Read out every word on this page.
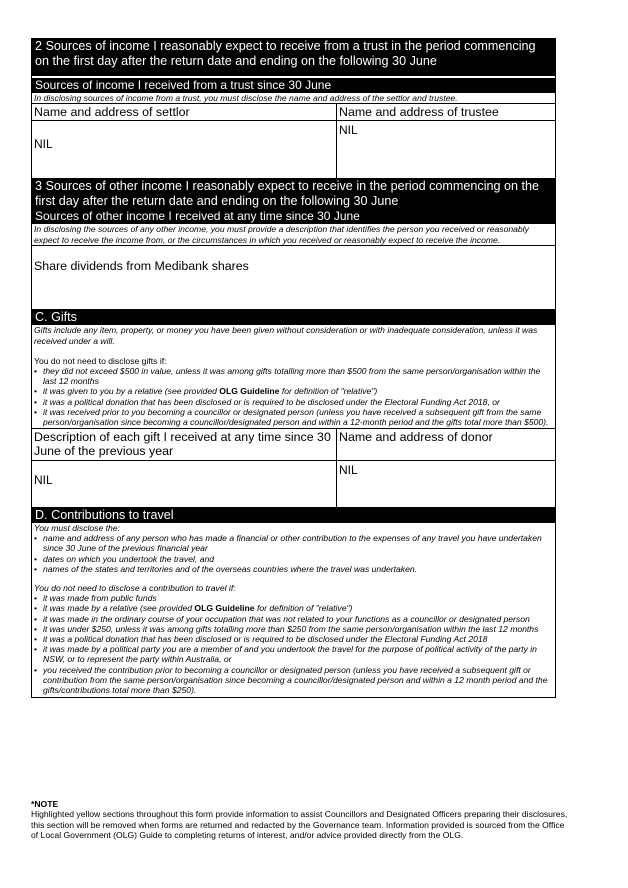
2 Sources of income I reasonably expect to receive from a trust in the period commencing on the first day after the return date and ending on the following 30 June
Sources of income I received from a trust since 30 June
In disclosing sources of income from a trust, you must disclose the name and address of the settlor and trustee.
Name and address of settlor	Name and address of trustee
NIL
NIL
3 Sources of other income I reasonably expect to receive in the period commencing on the first day after the return date and ending on the following 30 June
Sources of other income I received at any time since 30 June
In disclosing the sources of any other income, you must provide a description that identifies the person you received or reasonably expect to receive the income from, or the circumstances in which you received or reasonably expect to receive the income.
Share dividends from Medibank shares
C. Gifts
Gifts include any item, property, or money you have been given without consideration or with inadequate consideration, unless it was received under a will.
You do not need to disclose gifts if:
• they did not exceed $500 in value, unless it was among gifts totalling more than $500 from the same person/organisation within the last 12 months
• it was given to you by a relative (see provided OLG Guideline for definition of "relative")
• it was a political donation that has been disclosed or is required to be disclosed under the Electoral Funding Act 2018, or
• it was received prior to you becoming a councillor or designated person (unless you have received a subsequent gift from the same person/organisation since becoming a councillor/designated person and within a 12-month period and the gifts total more than $500).
Description of each gift I received at any time since 30 June of the previous year
Name and address of donor
NIL
NIL
D. Contributions to travel
You must disclose the:
• name and address of any person who has made a financial or other contribution to the expenses of any travel you have undertaken since 30 June of the previous financial year
• dates on which you undertook the travel, and
• names of the states and territories and of the overseas countries where the travel was undertaken.
You do not need to disclose a contribution to travel if:
• it was made from public funds
• it was made by a relative (see provided OLG Guideline for definition of "relative")
• it was made in the ordinary course of your occupation that was not related to your functions as a councillor or designated person
• it was under $250, unless it was among gifts totalling more than $250 from the same person/organisation within the last 12 months
• it was a political donation that has been disclosed or is required to be disclosed under the Electoral Funding Act 2018
• it was made by a political party you are a member of and you undertook the travel for the purpose of political activity of the party in NSW, or to represent the party within Australia, or
• you received the contribution prior to becoming a councillor or designated person (unless you have received a subsequent gift or contribution from the same person/organisation since becoming a councillor/designated person and within a 12 month period and the gifts/contributions total more than $250).
*NOTE
Highlighted yellow sections throughout this form provide information to assist Councillors and Designated Officers preparing their disclosures, this section will be removed when forms are returned and redacted by the Governance team. Information provided is sourced from the Office of Local Government (OLG) Guide to completing returns of interest, and/or advice provided directly from the OLG.
